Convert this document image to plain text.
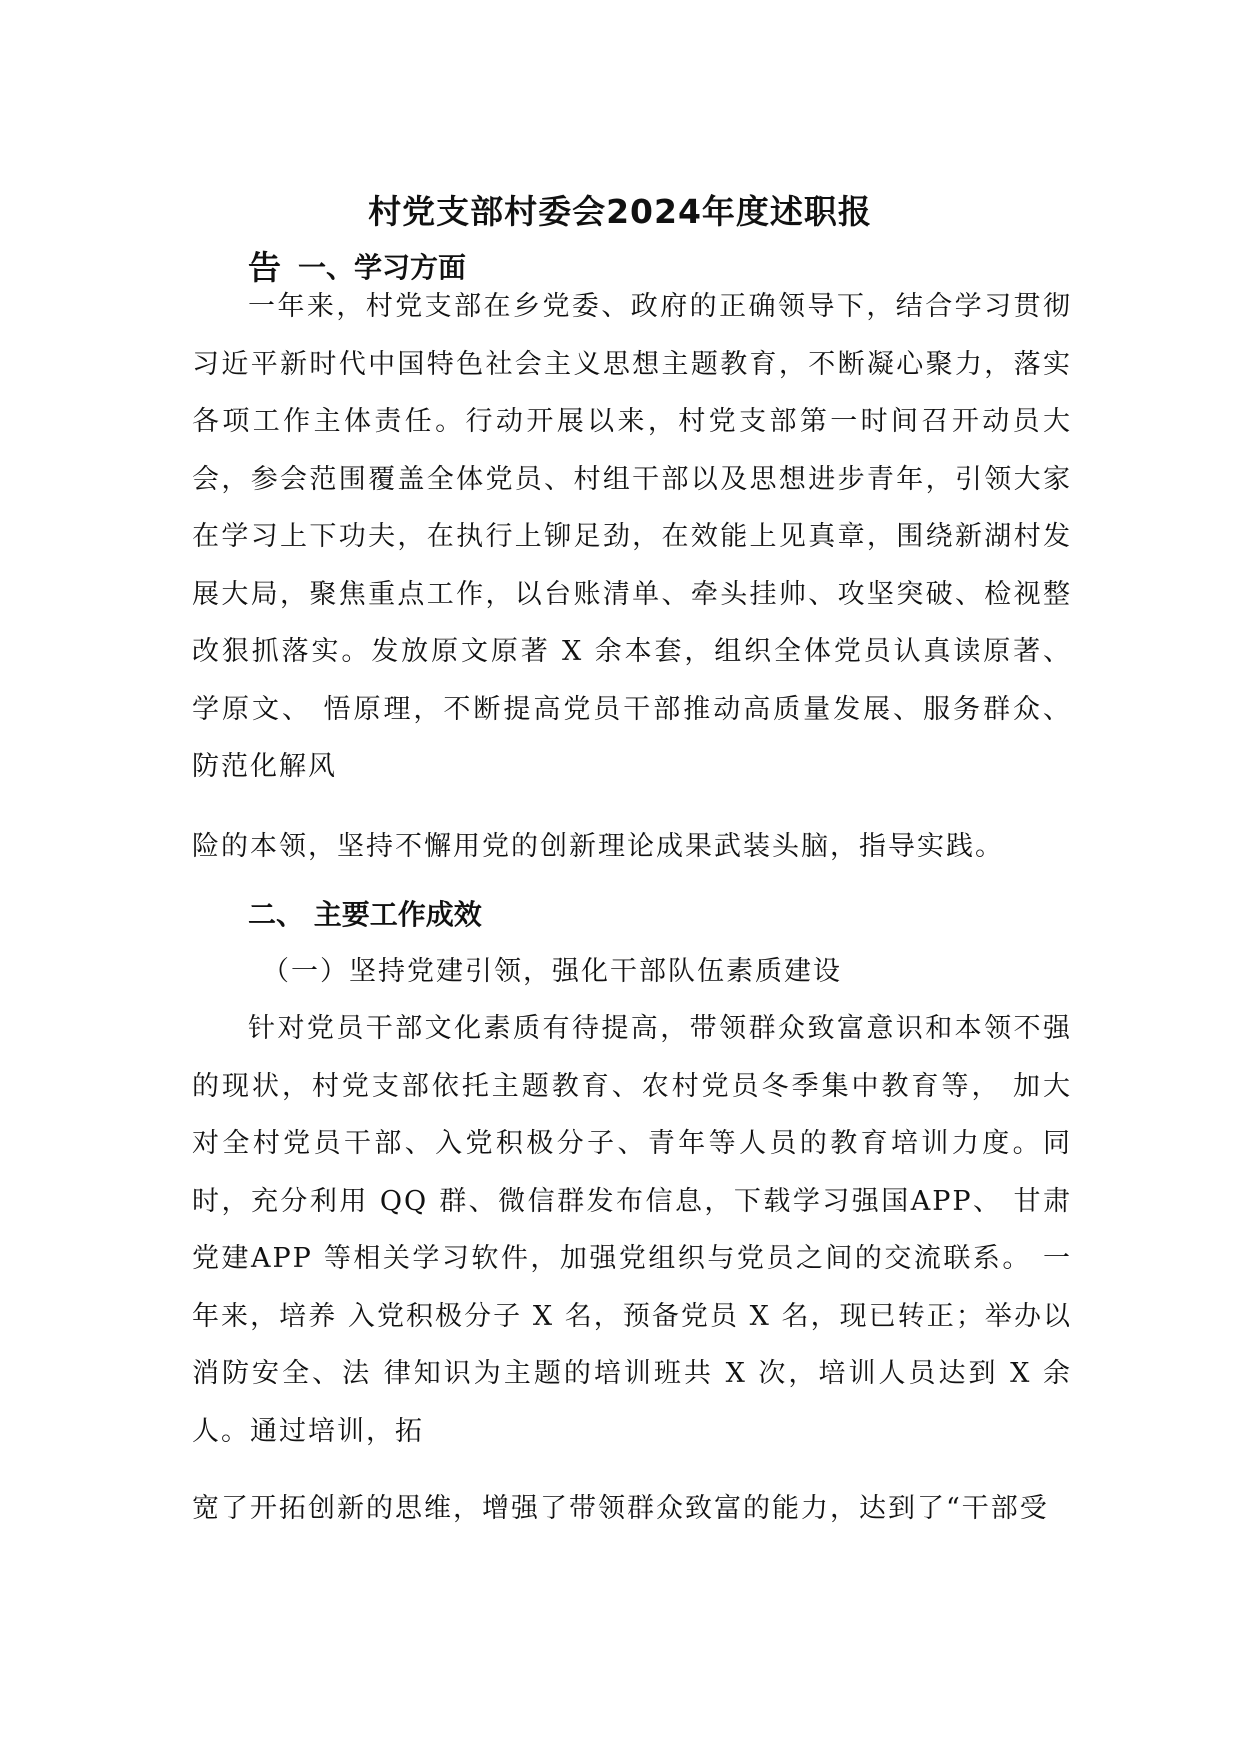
村党支部村委会2024年度述职报
告 一、学习方面

一年来，村党支部在乡党委、政府的正确领导下，结合学习贯彻习近平新时代中国特色社会主义思想主题教育，不断凝心聚力，落实各项工作主体责任。行动开展以来，村党支部第一时间召开动员大会，参会范围覆盖全体党员、村组干部以及思想进步青年，引领大家在学习上下功夫，在执行上铆足劲，在效能上见真章，围绕新湖村发展大局，聚焦重点工作，以台账清单、牵头挂帅、攻坚突破、检视整改狠抓落实。发放原文原著 X 余本套，组织全体党员认真读原著、学原文、 悟原理，不断提高党员干部推动高质量发展、服务群众、防范化解风

险的本领，坚持不懈用党的创新理论成果武装头脑，指导实践。
二、 主要工作成效
（一）坚持党建引领，强化干部队伍素质建设

针对党员干部文化素质有待提高，带领群众致富意识和本领不强的现状，村党支部依托主题教育、农村党员冬季集中教育等， 加大对全村党员干部、入党积极分子、青年等人员的教育培训力度。同时，充分利用 QQ 群、微信群发布信息，下载学习强国APP、 甘肃党建APP 等相关学习软件，加强党组织与党员之间的交流联系。 一年来，培养 入党积极分子 X 名，预备党员 X 名，现已转正；举办以消防安全、法 律知识为主题的培训班共 X 次，培训人员达到 X 余人。通过培训，拓

宽了开拓创新的思维，增强了带领群众致富的能力，达到了“干部受
